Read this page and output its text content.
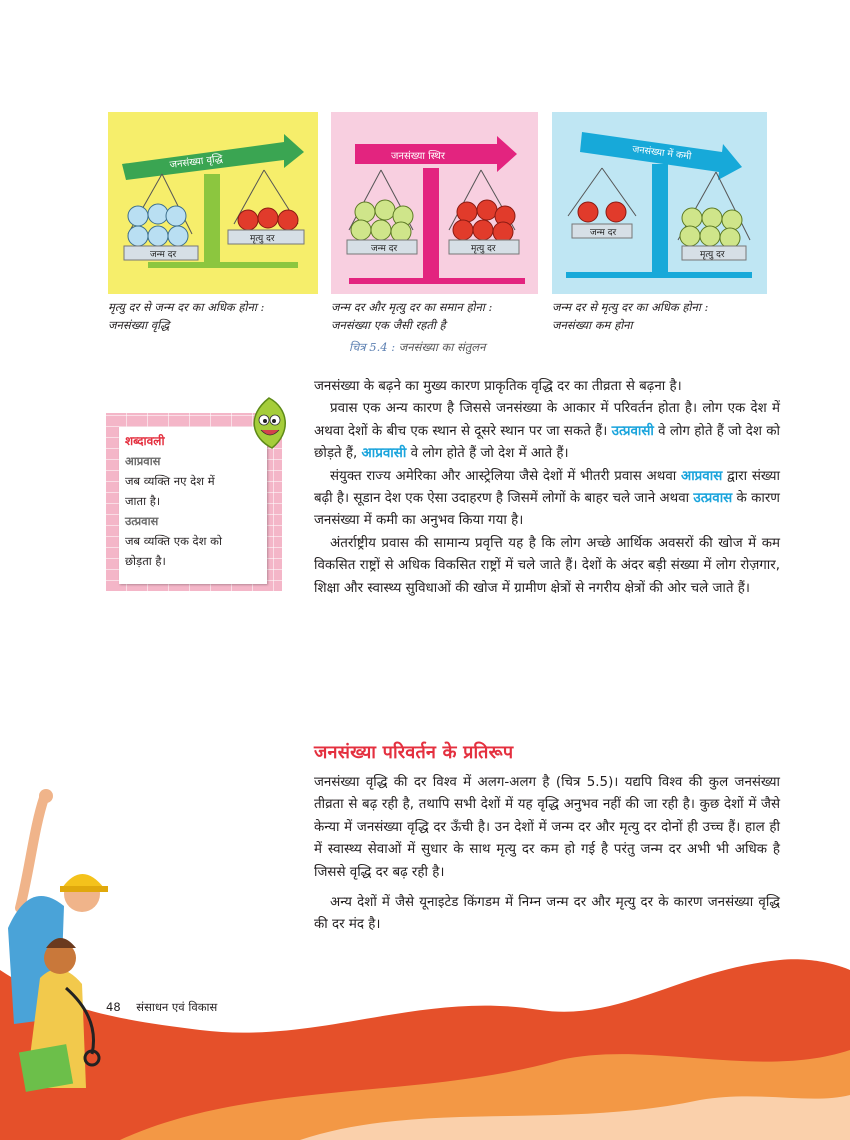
जनसंख्या वृद्धि
जन्म दर
मृत्यु दर
जनसंख्या स्थिर
जन्म दर	मृत्यु दर
जनसंख्या में कमी
जन्म दर
मृत्यु दर
मृत्यु दर से जन्म दर का अधिक होना :
जनसंख्या वृद्धि
जन्म दर और मृत्यु दर का समान होना :
जनसंख्या एक जैसी रहती है
जन्म दर से मृत्यु दर का अधिक होना :
जनसंख्या कम होना
चित्र 5.4 : जनसंख्या का संतुलन
शब्दावली
आप्रवास
जब व्यक्ति नए देश में
जाता है।
उत्प्रवास
जब व्यक्ति एक देश को
छोड़ता है।

जनसंख्या के बढ़ने का मुख्य कारण प्राकृतिक वृद्धि दर का तीव्रता से बढ़ना है।

प्रवास एक अन्य कारण है जिससे जनसंख्या के आकार में परिवर्तन होता है। लोग एक देश में अथवा देशों के बीच एक स्थान से दूसरे स्थान पर जा सकते हैं। उत्प्रवासी वे लोग होते हैं जो देश को छोड़ते हैं, आप्रवासी वे लोग होते हैं जो देश में आते हैं।

संयुक्त राज्य अमेरिका और आस्ट्रेलिया जैसे देशों में भीतरी प्रवास अथवा आप्रवास द्वारा संख्या बढ़ी है। सूडान देश एक ऐसा उदाहरण है जिसमें लोगों के बाहर चले जाने अथवा उत्प्रवास के कारण जनसंख्या में कमी का अनुभव किया गया है।

अंतर्राष्ट्रीय प्रवास की सामान्य प्रवृत्ति यह है कि लोग अच्छे आर्थिक अवसरों की खोज में कम विकसित राष्ट्रों से अधिक विकसित राष्ट्रों में चले जाते हैं। देशों के अंदर बड़ी संख्या में लोग रोज़गार, शिक्षा और स्वास्थ्य सुविधाओं की खोज में ग्रामीण क्षेत्रों से नगरीय क्षेत्रों की ओर चले जाते हैं।

जनसंख्या परिवर्तन के प्रतिरूप

जनसंख्या वृद्धि की दर विश्व में अलग-अलग है (चित्र 5.5)। यद्यपि विश्व की कुल जनसंख्या तीव्रता से बढ़ रही है, तथापि सभी देशों में यह वृद्धि अनुभव नहीं की जा रही है। कुछ देशों में जैसे केन्या में जनसंख्या वृद्धि दर ऊँची है। उन देशों में जन्म दर और मृत्यु दर दोनों ही उच्च हैं। हाल ही में स्वास्थ्य सेवाओं में सुधार के साथ मृत्यु दर कम हो गई है परंतु जन्म दर अभी भी अधिक है जिससे वृद्धि दर बढ़ रही है।

अन्य देशों में जैसे यूनाइटेड किंगडम में निम्न जन्म दर और मृत्यु दर के कारण जनसंख्या वृद्धि की दर मंद है।

48 संसाधन एवं विकास
